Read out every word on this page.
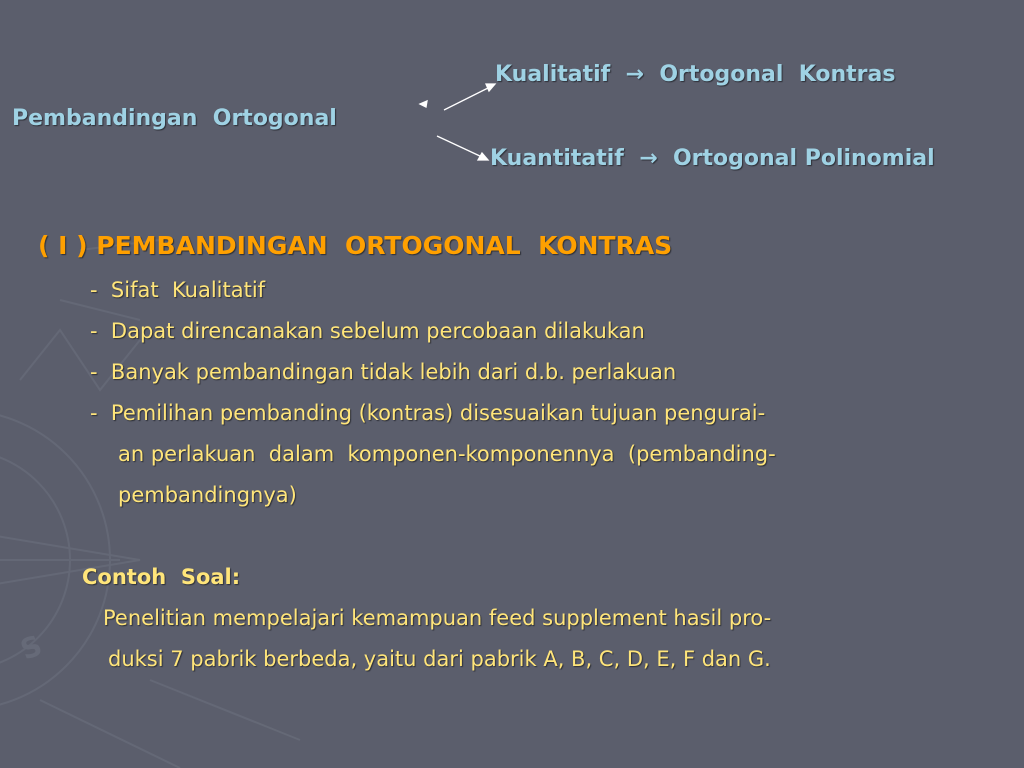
S
Kualitatif  →  Ortogonal  Kontras
Pembandingan  Ortogonal
Kuantitatif  →  Ortogonal Polinomial
( I ) PEMBANDINGAN  ORTOGONAL  KONTRAS
-  Sifat  Kualitatif
-  Dapat direncanakan sebelum percobaan dilakukan
-  Banyak pembandingan tidak lebih dari d.b. perlakuan
-  Pemilihan pembanding (kontras) disesuaikan tujuan pengurai-
an perlakuan  dalam  komponen-komponennya  (pembanding-
pembandingnya)
Contoh  Soal:
Penelitian mempelajari kemampuan feed supplement hasil pro-
duksi 7 pabrik berbeda, yaitu dari pabrik A, B, C, D, E, F dan G.
